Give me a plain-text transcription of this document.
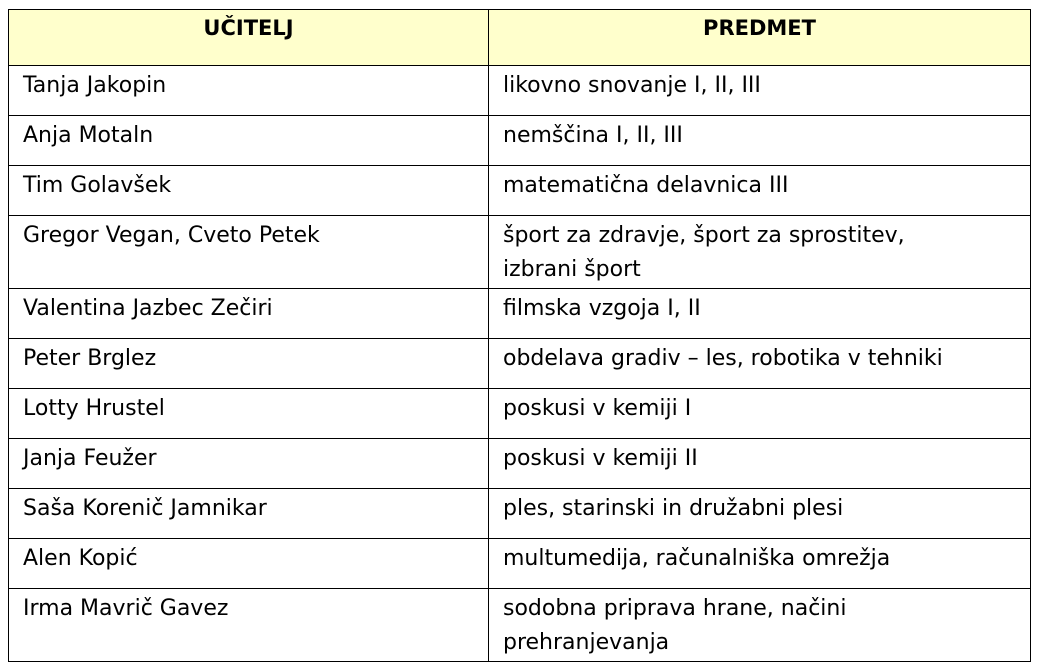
UČITELJ	PREDMET
Tanja Jakopin	likovno snovanje I, II, III
Anja Motaln	nemščina I, II, III
Tim Golavšek	matematična delavnica III
Gregor Vegan, Cveto Petek	šport za zdravje, šport za sprostitev,
izbrani šport

Valentina Jazbec Zečiri	filmska vzgoja I, II
Peter Brglez	obdelava gradiv – les, robotika v tehniki
Lotty Hrustel	poskusi v kemiji I
Janja Feužer	poskusi v kemiji II
Saša Korenič Jamnikar	ples, starinski in družabni plesi
Alen Kopić	multumedija, računalniška omrežja
Irma Mavrič Gavez	sodobna priprava hrane, načini
prehranjevanja
